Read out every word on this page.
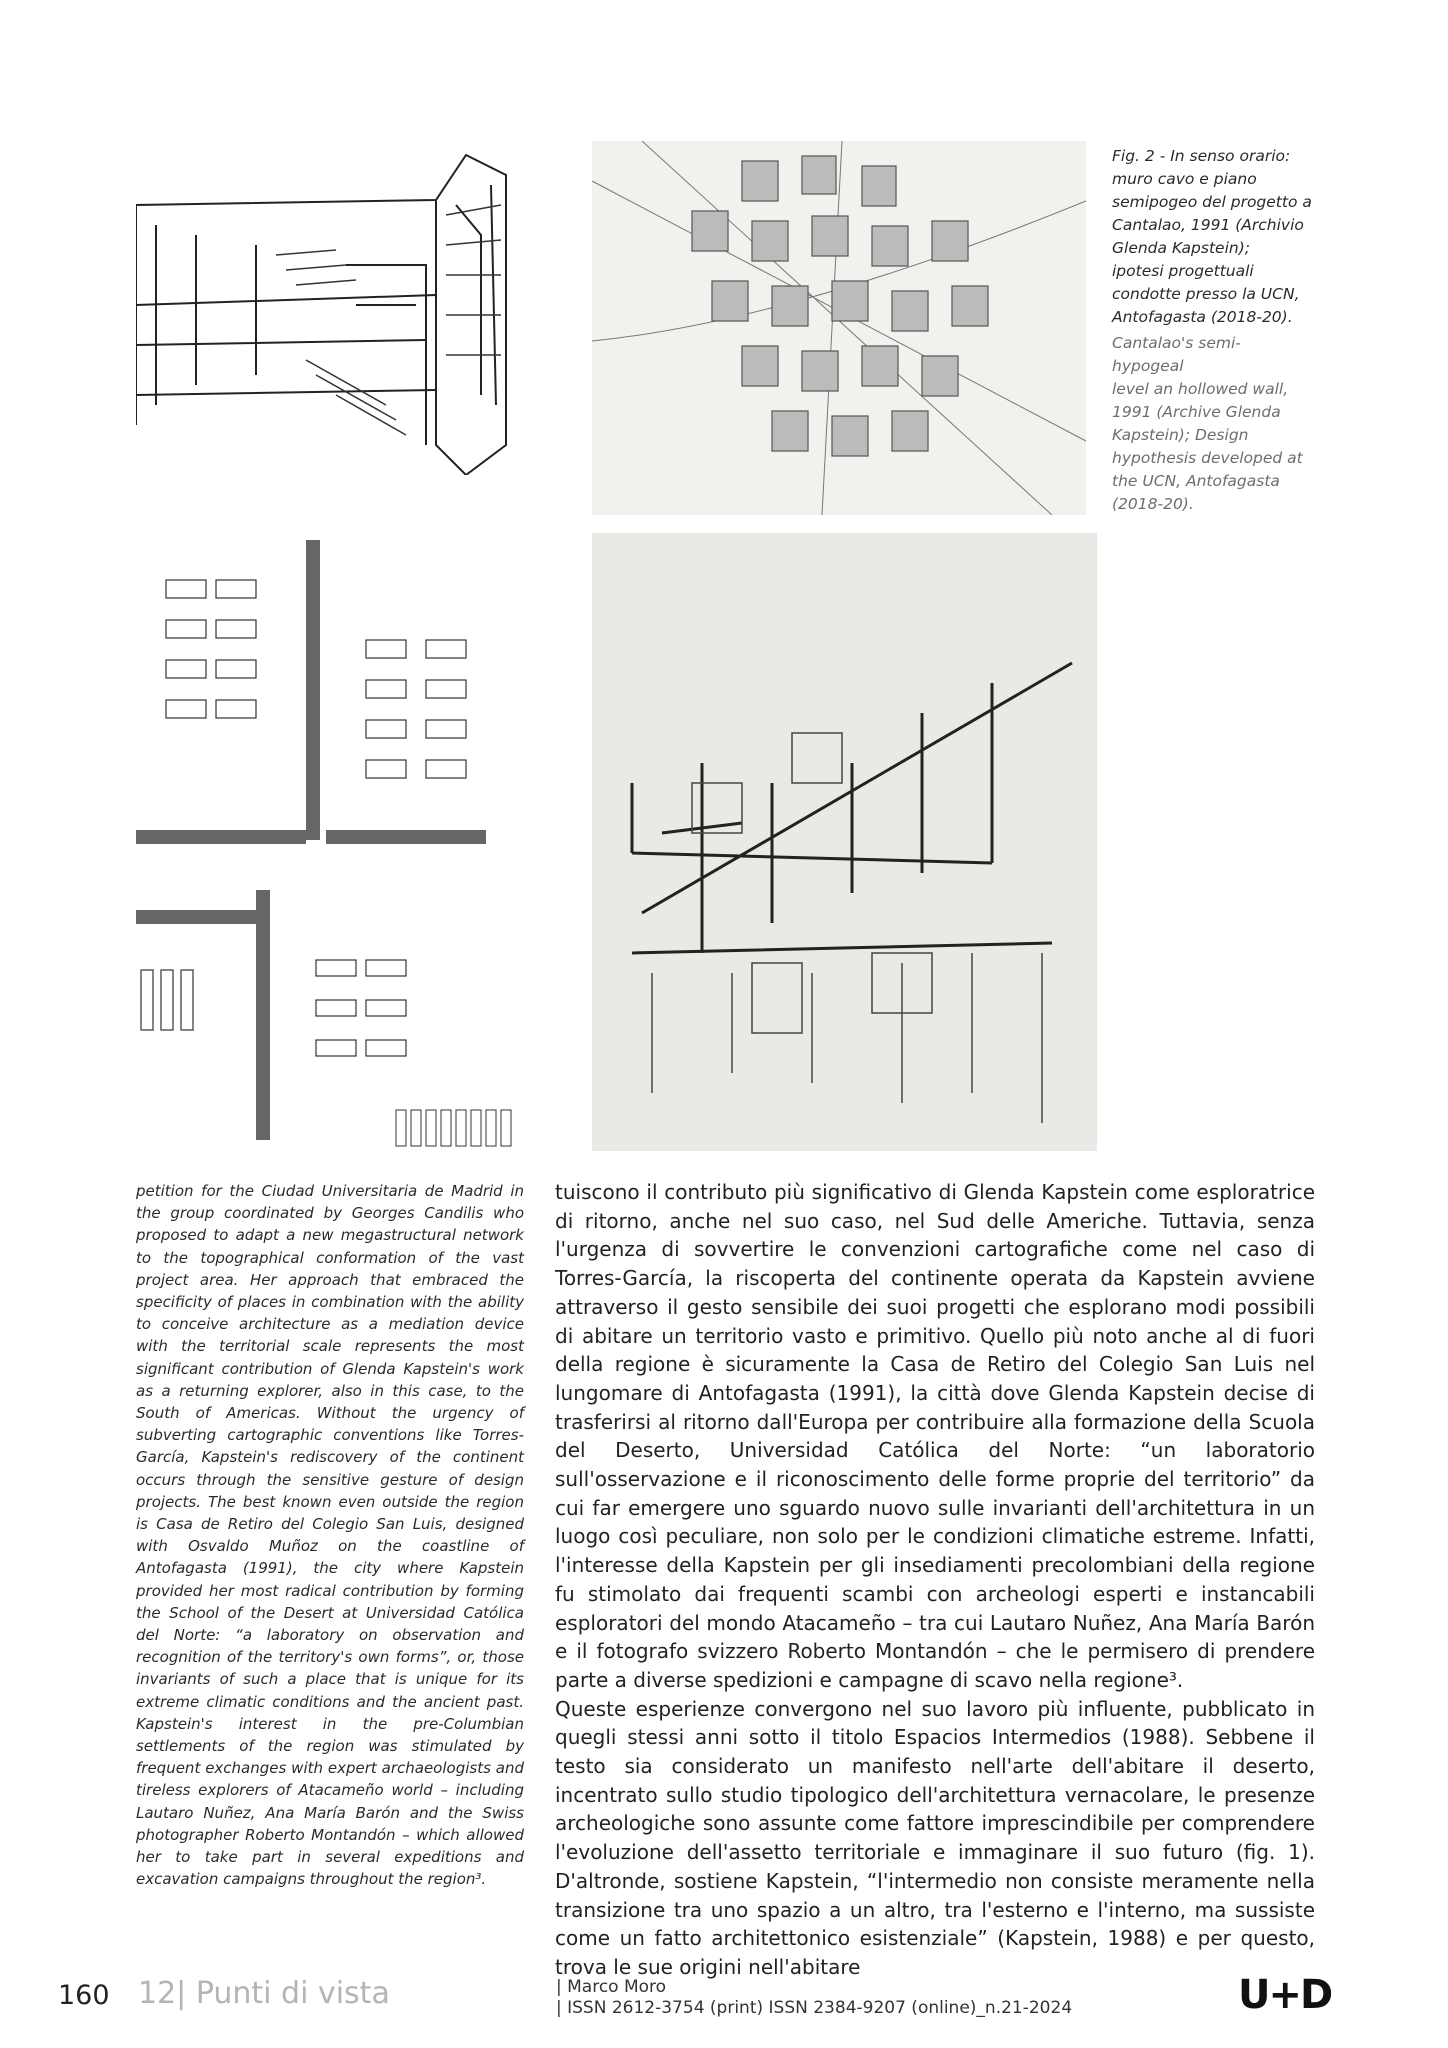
Fig. 2 - In senso orario:
muro cavo e piano
semipogeo del progetto a
Cantalao, 1991 (Archivio
Glenda Kapstein);
ipotesi progettuali
condotte presso la UCN,
Antofagasta (2018-20).
Cantalao's semi-hypogeal
level an hollowed wall,
1991 (Archive Glenda
Kapstein); Design
hypothesis developed at
the UCN, Antofagasta
(2018-20).
petition for the Ciudad Universitaria de Madrid in the group coordinated by Georges Candilis who proposed to adapt a new megastructural network to the topographical conformation of the vast project area. Her approach that embraced the specificity of places in combination with the ability to conceive architecture as a mediation device with the territorial scale represents the most significant contribution of Glenda Kapstein's work as a returning explorer, also in this case, to the South of Americas. Without the urgency of subverting cartographic conventions like Torres-García, Kapstein's rediscovery of the continent occurs through the sensitive gesture of design projects. The best known even outside the region is Casa de Retiro del Colegio San Luis, designed with Osvaldo Muñoz on the coastline of Antofagasta (1991), the city where Kapstein provided her most radical contribution by forming the School of the Desert at Universidad Católica del Norte: “a laboratory on observation and recognition of the territory's own forms”, or, those invariants of such a place that is unique for its extreme climatic conditions and the ancient past. Kapstein's interest in the pre-Columbian settlements of the region was stimulated by frequent exchanges with expert archaeologists and tireless explorers of Atacameño world – including Lautaro Nuñez, Ana María Barón and the Swiss photographer Roberto Montandón – which allowed her to take part in several expeditions and excavation campaigns throughout the region³.

tuiscono il contributo più significativo di Glenda Kapstein come esploratrice di ritorno, anche nel suo caso, nel Sud delle Americhe. Tuttavia, senza l'urgenza di sovvertire le convenzioni cartografiche come nel caso di Torres-García, la riscoperta del continente operata da Kapstein avviene attraverso il gesto sensibile dei suoi progetti che esplorano modi possibili di abitare un territorio vasto e primitivo. Quello più noto anche al di fuori della regione è sicuramente la Casa de Retiro del Colegio San Luis nel lungomare di Antofagasta (1991), la città dove Glenda Kapstein decise di trasferirsi al ritorno dall'Europa per contribuire alla formazione della Scuola del Deserto, Universidad Católica del Norte: “un laboratorio sull'osservazione e il riconoscimento delle forme proprie del territorio” da cui far emergere uno sguardo nuovo sulle invarianti dell'architettura in un luogo così peculiare, non solo per le condizioni climatiche estreme. Infatti, l'interesse della Kapstein per gli insediamenti precolombiani della regione fu stimolato dai frequenti scambi con archeologi esperti e instancabili esploratori del mondo Atacameño – tra cui Lautaro Nuñez, Ana María Barón e il fotografo svizzero Roberto Montandón – che le permisero di prendere parte a diverse spedizioni e campagne di scavo nella regione³.

Queste esperienze convergono nel suo lavoro più influente, pubblicato in quegli stessi anni sotto il titolo Espacios Intermedios (1988). Sebbene il testo sia considerato un manifesto nell'arte dell'abitare il deserto, incentrato sullo studio tipologico dell'architettura vernacolare, le presenze archeologiche sono assunte come fattore imprescindibile per comprendere l'evoluzione dell'assetto territoriale e immaginare il suo futuro (fig. 1). D'altronde, sostiene Kapstein, “l'intermedio non consiste meramente nella transizione tra uno spazio a un altro, tra l'esterno e l'interno, ma sussiste come un fatto architettonico esistenziale” (Kapstein, 1988) e per questo, trova le sue origini nell'abitare

160 12| Punti di vista	| Marco Moro
| ISSN 2612-3754 (print) ISSN 2384-9207 (online)_n.21-2024	U+D
